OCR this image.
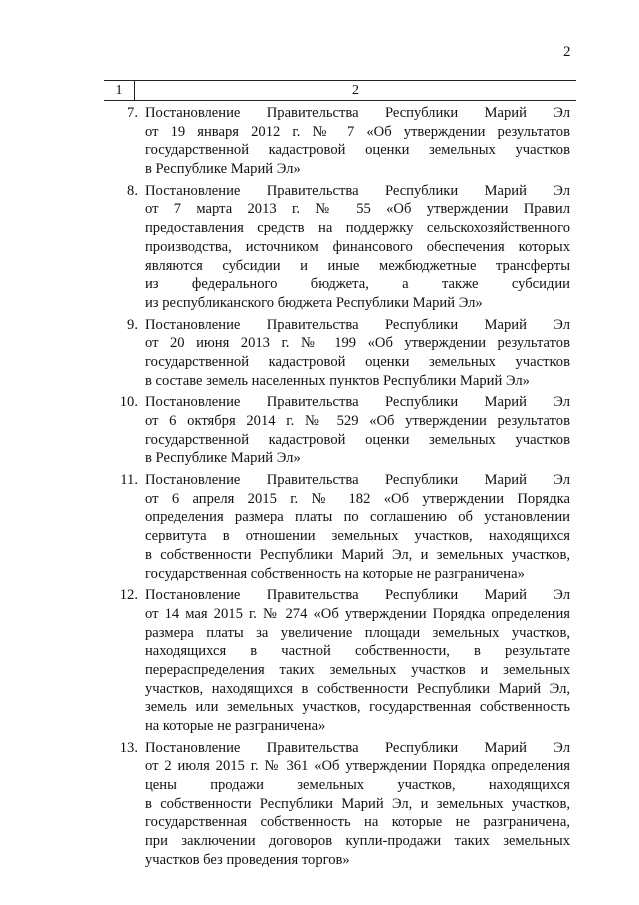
2
1	2
7. Постановление Правительства Республики Марий Эл
от 19 января 2012 г. № 7 «Об утверждении результатов
государственной кадастровой оценки земельных участков
в Республике Марий Эл»
8. Постановление Правительства Республики Марий Эл
от 7 марта 2013 г. № 55 «Об утверждении Правил
предоставления средств на поддержку сельскохозяйственного
производства, источником финансового обеспечения которых
являются субсидии и иные межбюджетные трансферты
из федерального бюджета, а также субсидии
из республиканского бюджета Республики Марий Эл»
9. Постановление Правительства Республики Марий Эл
от 20 июня 2013 г. № 199 «Об утверждении результатов
государственной кадастровой оценки земельных участков
в составе земель населенных пунктов Республики Марий Эл»
10. Постановление Правительства Республики Марий Эл
от 6 октября 2014 г. № 529 «Об утверждении результатов
государственной кадастровой оценки земельных участков
в Республике Марий Эл»
11. Постановление Правительства Республики Марий Эл
от 6 апреля 2015 г. № 182 «Об утверждении Порядка
определения размера платы по соглашению об установлении
сервитута в отношении земельных участков, находящихся
в собственности Республики Марий Эл, и земельных участков,
государственная собственность на которые не разграничена»
12. Постановление Правительства Республики Марий Эл
от 14 мая 2015 г. № 274 «Об утверждении Порядка определения
размера платы за увеличение площади земельных участков,
находящихся в частной собственности, в результате
перераспределения таких земельных участков и земельных
участков, находящихся в собственности Республики Марий Эл,
земель или земельных участков, государственная собственность
на которые не разграничена»
13. Постановление Правительства Республики Марий Эл
от 2 июля 2015 г. № 361 «Об утверждении Порядка определения
цены продажи земельных участков, находящихся
в собственности Республики Марий Эл, и земельных участков,
государственная собственность на которые не разграничена,
при заключении договоров купли-продажи таких земельных
участков без проведения торгов»
